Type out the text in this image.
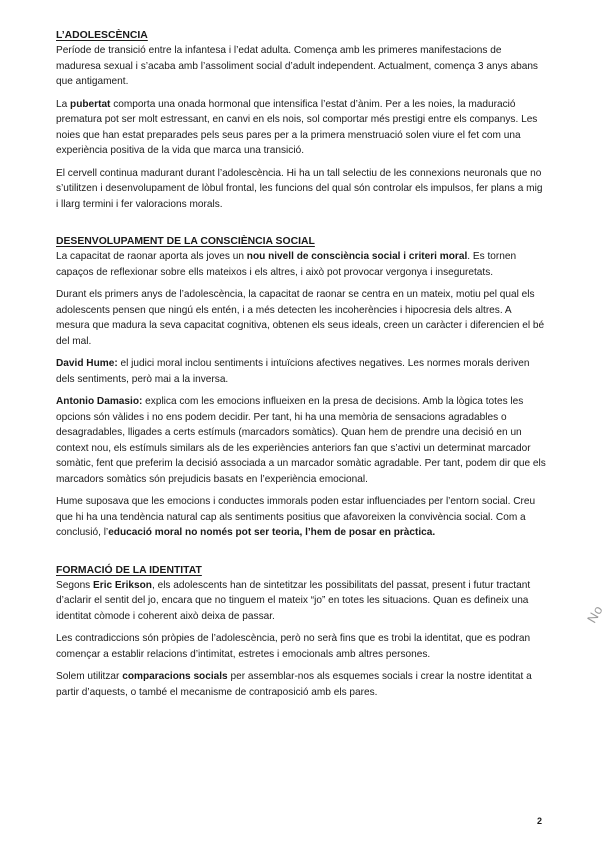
L’ADOLESCÈNCIA

Període de transició entre la infantesa i l’edat adulta. Comença amb les primeres manifestacions de maduresa sexual i s’acaba amb l’assoliment social d’adult independent. Actualment, comença 3 anys abans que antigament.

La pubertat comporta una onada hormonal que intensifica l’estat d’ànim. Per a les noies, la maduració prematura pot ser molt estressant, en canvi en els nois, sol comportar més prestigi entre els companys. Les noies que han estat preparades pels seus pares per a la primera menstruació solen viure el fet com una experiència positiva de la vida que marca una transició.

El cervell continua madurant durant l’adolescència. Hi ha un tall selectiu de les connexions neuronals que no s’utilitzen i desenvolupament de lòbul frontal, les funcions del qual són controlar els impulsos, fer plans a mig i llarg termini i fer valoracions morals.

DESENVOLUPAMENT DE LA CONSCIÈNCIA SOCIAL

La capacitat de raonar aporta als joves un nou nivell de consciència social i criteri moral. Es tornen capaços de reflexionar sobre ells mateixos i els altres, i això pot provocar vergonya i inseguretats.

Durant els primers anys de l’adolescència, la capacitat de raonar se centra en un mateix, motiu pel qual els adolescents pensen que ningú els entén, i a més detecten les incoherències i hipocresia dels altres. A mesura que madura la seva capacitat cognitiva, obtenen els seus ideals, creen un caràcter i diferencien el bé del mal.

David Hume: el judici moral inclou sentiments i intuïcions afectives negatives. Les normes morals deriven dels sentiments, però mai a la inversa.

Antonio Damasio: explica com les emocions influeixen en la presa de decisions. Amb la lògica totes les opcions són vàlides i no ens podem decidir. Per tant, hi ha una memòria de sensacions agradables o desagradables, lligades a certs estímuls (marcadors somàtics). Quan hem de prendre una decisió en un context nou, els estímuls similars als de les experiències anteriors fan que s’activi un determinat marcador somàtic, fent que preferim la decisió associada a un marcador somàtic agradable. Per tant, podem dir que els marcadors somàtics són prejudicis basats en l’experiència emocional.

Hume suposava que les emocions i conductes immorals poden estar influenciades per l’entorn social. Creu que hi ha una tendència natural cap als sentiments positius que afavoreixen la convivència social. Com a conclusió, l’educació moral no només pot ser teoria, l’hem de posar en pràctica.

FORMACIÓ DE LA IDENTITAT

Segons Eric Erikson, els adolescents han de sintetitzar les possibilitats del passat, present i futur tractant d’aclarir el sentit del jo, encara que no tinguem el mateix “jo” en totes les situacions. Quan es defineix una identitat còmode i coherent això deixa de passar.

Les contradiccions són pròpies de l’adolescència, però no serà fins que es trobi la identitat, que es podran començar a establir relacions d’intimitat, estretes i emocionals amb altres persones.

Solem utilitzar comparacions socials per assemblar-nos als esquemes socials i crear la nostre identitat a partir d’aquests, o també el mecanisme de contraposició amb els pares.

No
2
